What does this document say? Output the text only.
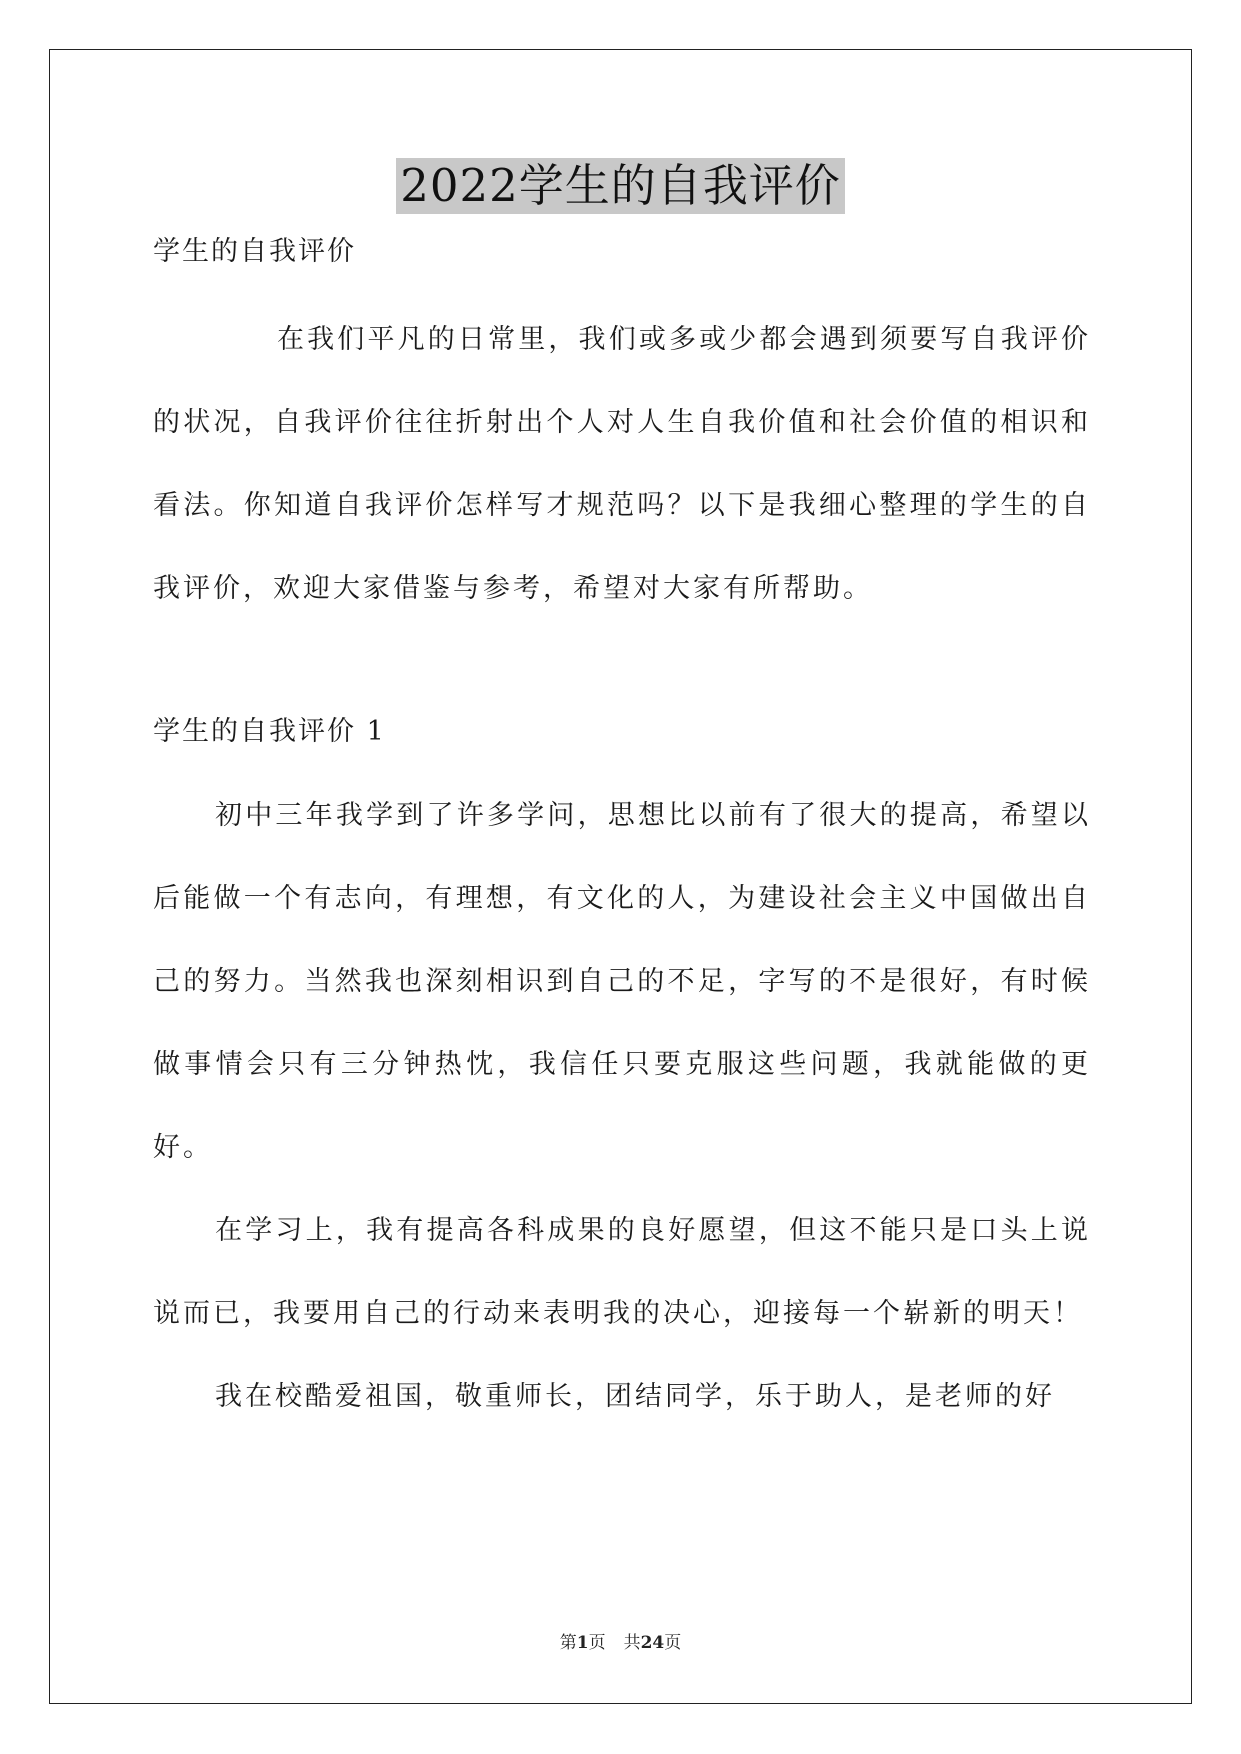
2022学生的自我评价

学生的自我评价

在我们平凡的日常里，我们或多或少都会遇到须要写自我评价的状况，自我评价往往折射出个人对人生自我价值和社会价值的相识和看法。你知道自我评价怎样写才规范吗？以下是我细心整理的学生的自我评价，欢迎大家借鉴与参考，希望对大家有所帮助。

学生的自我评价 1

初中三年我学到了许多学问，思想比以前有了很大的提高，希望以后能做一个有志向，有理想，有文化的人，为建设社会主义中国做出自己的努力。当然我也深刻相识到自己的不足，字写的不是很好，有时候做事情会只有三分钟热忱，我信任只要克服这些问题，我就能做的更好。

在学习上，我有提高各科成果的良好愿望，但这不能只是口头上说说而已，我要用自己的行动来表明我的决心，迎接每一个崭新的明天！

我在校酷爱祖国，敬重师长，团结同学，乐于助人，是老师的好

第1页 共24页
